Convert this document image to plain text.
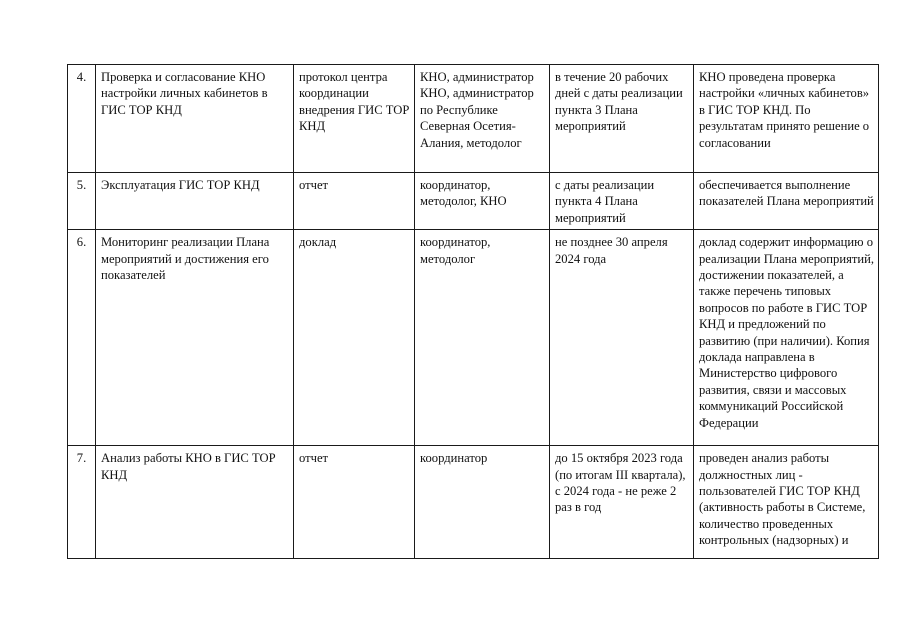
4.	Проверка и согласование КНО настройки личных кабинетов в ГИС ТОР КНД	протокол центра координации внедрения ГИС ТОР КНД	КНО, администратор КНО, администратор по Республике Северная Осетия-Алания, методолог	в течение 20 рабочих дней с даты реализации пункта 3 Плана мероприятий	КНО проведена проверка настройки «личных кабинетов» в ГИС ТОР КНД. По результатам принято решение о согласовании
5.	Эксплуатация ГИС ТОР КНД	отчет	координатор, методолог, КНО	с даты реализации пункта 4 Плана мероприятий	обеспечивается выполнение показателей Плана мероприятий
6.	Мониторинг реализации Плана мероприятий и достижения его показателей	доклад	координатор, методолог	не позднее 30 апреля 2024 года	доклад содержит информацию о реализации Плана мероприятий, достижении показателей, а также перечень типовых вопросов по работе в ГИС ТОР КНД и предложений по развитию (при наличии). Копия доклада направлена в Министерство цифрового развития, связи и массовых коммуникаций Российской Федерации
7.	Анализ работы КНО в ГИС ТОР КНД	отчет	координатор	до 15 октября 2023 года (по итогам III квартала), с 2024 года - не реже 2 раз в год	проведен анализ работы должностных лиц - пользователей ГИС ТОР КНД (активность работы в Системе, количество проведенных контрольных (надзорных) и
